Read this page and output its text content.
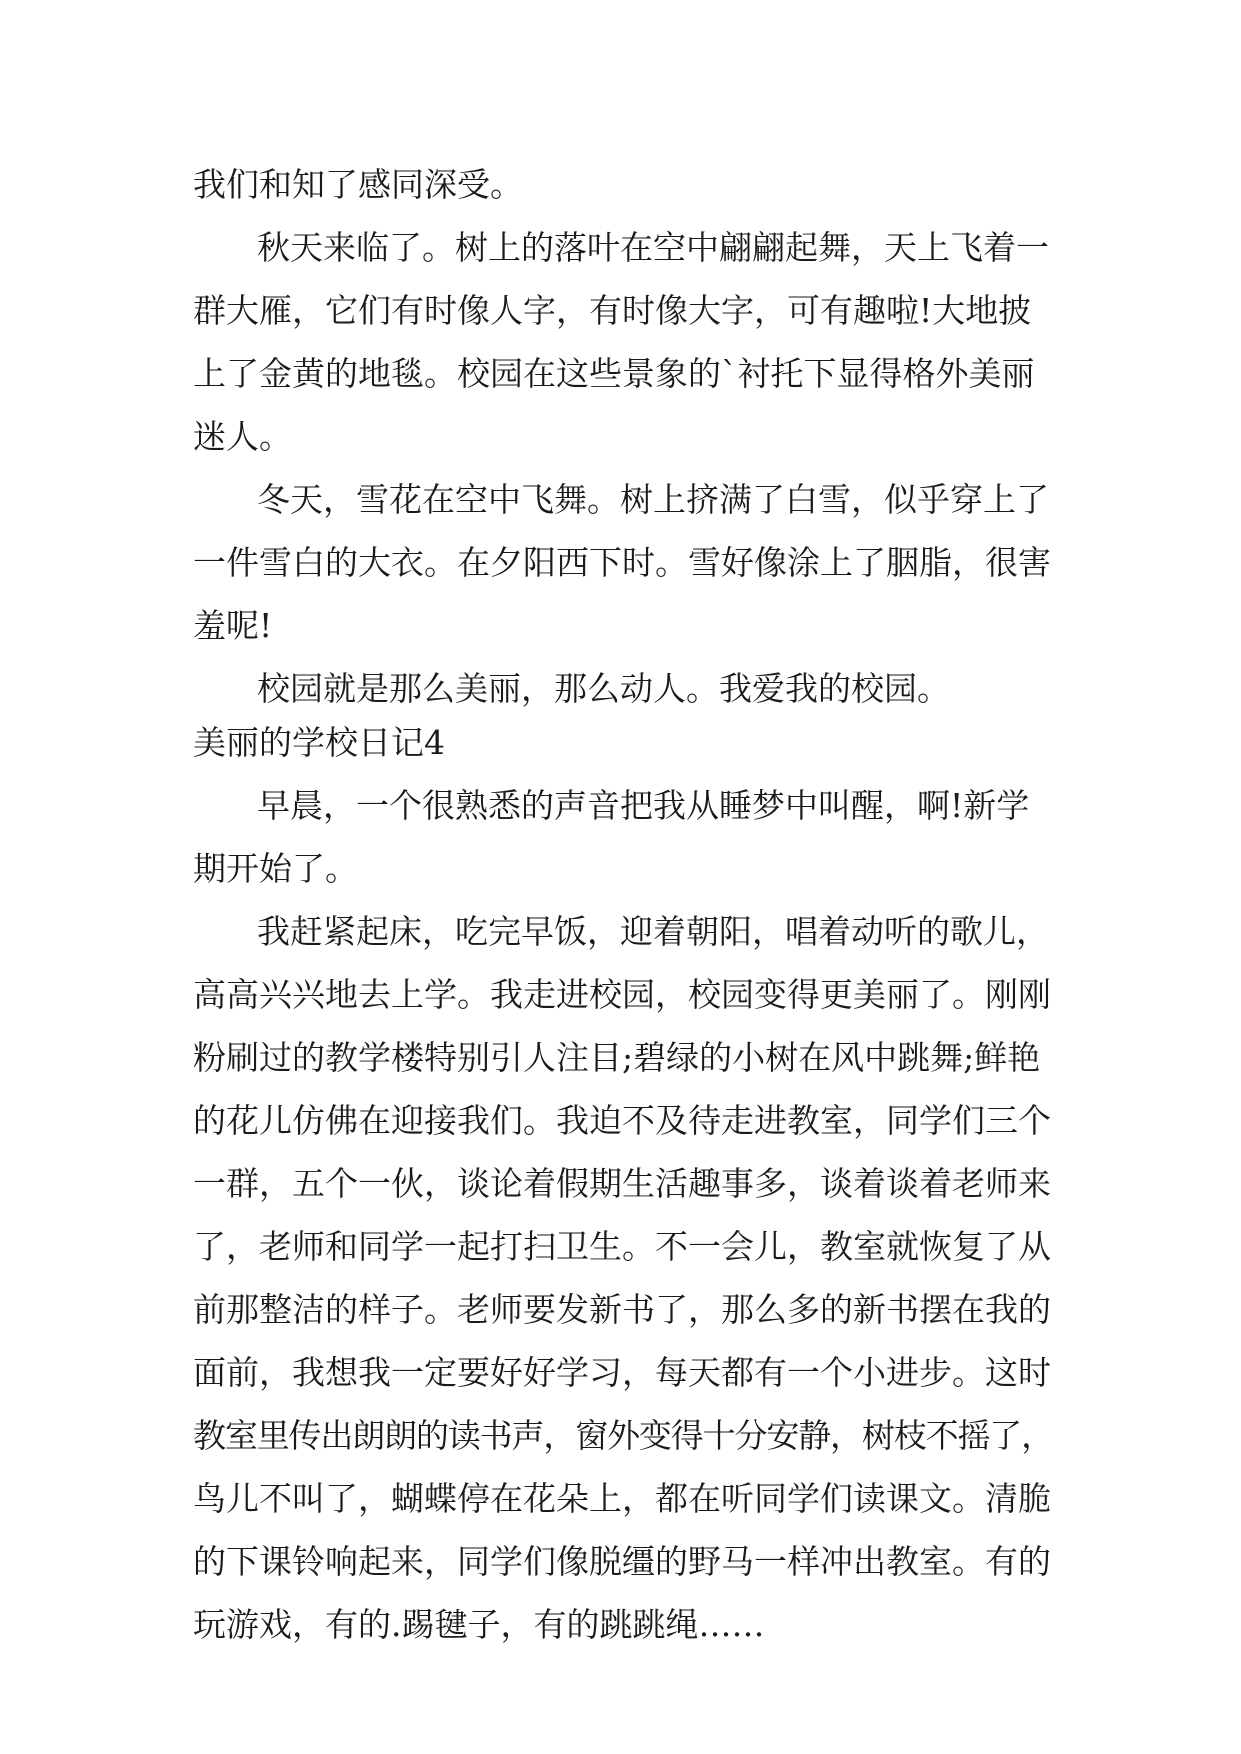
我们和知了感同深受。
秋天来临了。树上的落叶在空中翩翩起舞，天上飞着一
群大雁，它们有时像人字，有时像大字，可有趣啦!大地披
上了金黄的地毯。校园在这些景象的`衬托下显得格外美丽
迷人。
冬天，雪花在空中飞舞。树上挤满了白雪，似乎穿上了
一件雪白的大衣。在夕阳西下时。雪好像涂上了胭脂，很害
羞呢!
校园就是那么美丽，那么动人。我爱我的校园。
美丽的学校日记4
早晨，一个很熟悉的声音把我从睡梦中叫醒，啊!新学
期开始了。
我赶紧起床，吃完早饭，迎着朝阳，唱着动听的歌儿，
高高兴兴地去上学。我走进校园，校园变得更美丽了。刚刚
粉刷过的教学楼特别引人注目;碧绿的小树在风中跳舞;鲜艳
的花儿仿佛在迎接我们。我迫不及待走进教室，同学们三个
一群，五个一伙，谈论着假期生活趣事多，谈着谈着老师来
了，老师和同学一起打扫卫生。不一会儿，教室就恢复了从
前那整洁的样子。老师要发新书了，那么多的新书摆在我的
面前，我想我一定要好好学习，每天都有一个小进步。这时
教室里传出朗朗的读书声，窗外变得十分安静，树枝不摇了，
鸟儿不叫了，蝴蝶停在花朵上，都在听同学们读课文。清脆
的下课铃响起来，同学们像脱缰的野马一样冲出教室。有的
玩游戏，有的.踢毽子，有的跳跳绳……
